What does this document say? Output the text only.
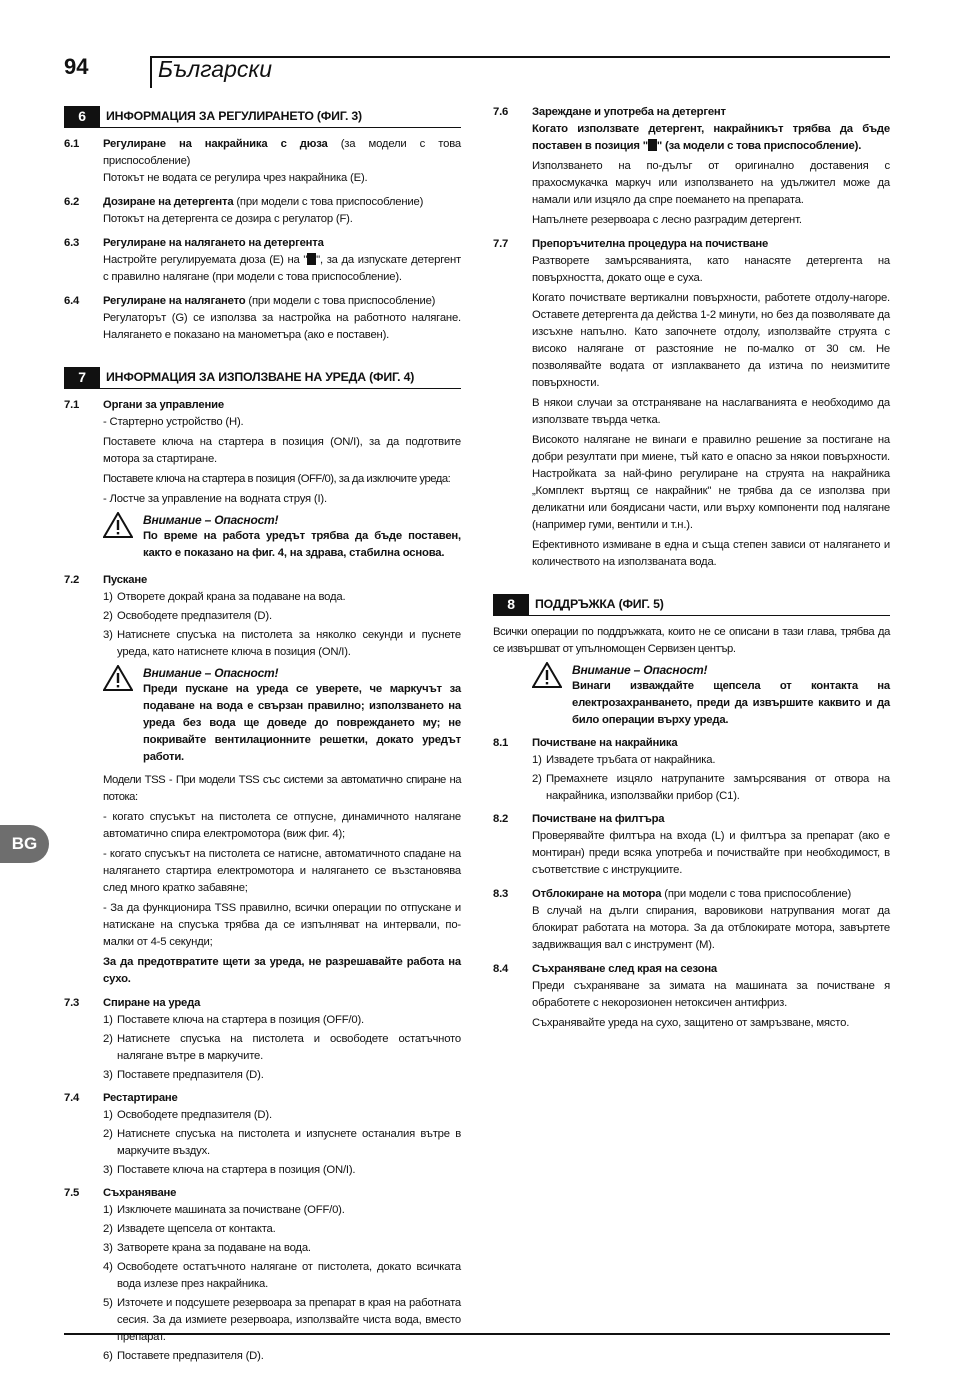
94	Български
BG
6	ИНФОРМАЦИЯ ЗА РЕГУЛИРАНЕТО (ФИГ. 3)
6.1	Регулиране на накрайника с дюза (за модели с това приспособление)

Потокът не водата се регулира чрез накрайника (E).

6.2	Дозиране на детергента (при модели с това приспособление)

Потокът на детергента се дозира с регулатор (F).

6.3	Регулиране на налягането на детергента

Настройте регулируемата дюза (E) на " ", за да изпускате детергент с правилно налягане (при модели с това приспособление).

6.4	Регулиране на налягането (при модели с това приспособление)

Регулаторът (G) се използва за настройка на работното налягане. Налягането е показано на манометъра (ако е поставен).

7	ИНФОРМАЦИЯ ЗА ИЗПОЛЗВАНЕ НА УРЕДА (ФИГ. 4)
7.1	Органи за управление

- Стартерно устройство (H).

Поставете ключа на стартера в позиция (ON/I), за да подготвите мотора за стартиране.

Поставете ключа на стартера в позиция (OFF/0), за да изключите уреда:

- Лостче за управление на водната струя (I).

Внимание – Опасност!
По време на работа уредът трябва да бъде поставен, както е показано на фиг. 4, на здрава, стабилна основа.
7.2	Пускане
1) Отворете докрай крана за подаване на вода.
2) Освободете предпазителя (D).
3) Натиснете спусъка на пистолета за няколко секунди и пуснете уреда, като натиснете ключа в позиция (ON/I).
Внимание – Опасност!
Преди пускане на уреда се уверете, че маркучът за подаване на вода е свързан правилно; използването на уреда без вода ще доведе до повреждането му; не покривайте вентилационните решетки, докато уредът работи.

Модели TSS - При модели TSS със системи за автоматично спиране на потока:

- когато спусъкът на пистолета се отпусне, динамичното налягане автоматично спира електромотора (виж фиг. 4);

- когато спусъкът на пистолета се натисне, автоматичното спадане на налягането стартира електромотора и налягането се възстановява след много кратко забавяне;

- За да функционира TSS правилно, всички операции по отпускане и натискане на спусъка трябва да се изпълняват на интервали, по-малки от 4-5 секунди;

За да предотвратите щети за уреда, не разрешавайте работа на сухо.

7.3	Спиране на уреда
1) Поставете ключа на стартера в позиция (OFF/0).
2) Натиснете спусъка на пистолета и освободете остатъчното налягане вътре в маркучите.
3) Поставете предпазителя (D).
7.4	Рестартиране
1) Освободете предпазителя (D).
2) Натиснете спусъка на пистолета и изпуснете останалия вътре в маркучите въздух.
3) Поставете ключа на стартера в позиция (ON/I).
7.5	Съхраняване
1) Изключете машината за почистване (OFF/0).
2) Извадете щепсела от контакта.
3) Затворете крана за подаване на вода.
4) Освободете остатъчното налягане от пистолета, докато всичката вода излезе през накрайника.
5) Източете и подсушете резервоара за препарат в края на работната сесия. За да измиете резервоара, използвайте чиста вода, вместо препарат.
6) Поставете предпазителя (D).
7.6	Зареждане и употреба на детергент

Когато използвате детергент, накрайникът трябва да бъде поставен в позиция " " (за модели с това приспособление).

Използването на по-дълъг от оригинално доставения с прахосмукачка маркуч или използването на удължител може да намали или изцяло да спре поемането на препарата.

Напълнете резервоара с лесно разградим детергент.

7.7	Препоръчителна процедура на почистване

Разтворете замърсяванията, като нанасяте детергента на повърхността, докато още е суха.

Когато почиствате вертикални повърхности, работете отдолу-нагоре. Оставете детергента да действа 1-2 минути, но без да позволявате да изсъхне напълно. Като започнете отдолу, използвайте струята с високо налягане от разстояние не по-малко от 30 см. Не позволявайте водата от изплакването да изтича по неизмитите повърхности.

В някои случаи за отстраняване на наслагванията е необходимо да използвате твърда четка.

Високото налягане не винаги е правилно решение за постигане на добри резултати при миене, тъй като е опасно за някои повърхности. Настройката за най-фино регулиране на струята на накрайника „Комплект въртящ се накрайник" не трябва да се използва при деликатни или боядисани части, или върху компоненти под налягане (например гуми, вентили и т.н.).

Ефективното измиване в една и съща степен зависи от налягането и количеството на използваната вода.

8	ПОДДРЪЖКА (ФИГ. 5)

Всички операции по поддръжката, които не се описани в тази глава, трябва да се извършват от упълномощен Сервизен център.

Внимание – Опасност!
Винаги изваждайте щепсела от контакта на електрозахранването, преди да извършите каквито и да било операции върху уреда.
8.1	Почистване на накрайника
1) Извадете тръбата от накрайника.
2) Премахнете изцяло натрупаните замърсявания от отвора на накрайника, използвайки прибор (C1).
8.2	Почистване на филтъра

Проверявайте филтъра на входа (L) и филтъра за препарат (ако е монтиран) преди всяка употреба и почиствайте при необходимост, в съответствие с инструкциите.

8.3	Отблокиране на мотора (при модели с това приспособление)

В случай на дълги спирания, варовикови натрупвания могат да блокират работата на мотора. За да отблокирате мотора, завъртете задвижващия вал с инструмент (M).

8.4	Съхраняване след края на сезона

Преди съхраняване за зимата на машината за почистване я обработете с некорозионен нетоксичен антифриз.

Съхранявайте уреда на сухо, защитено от замръзване, място.
